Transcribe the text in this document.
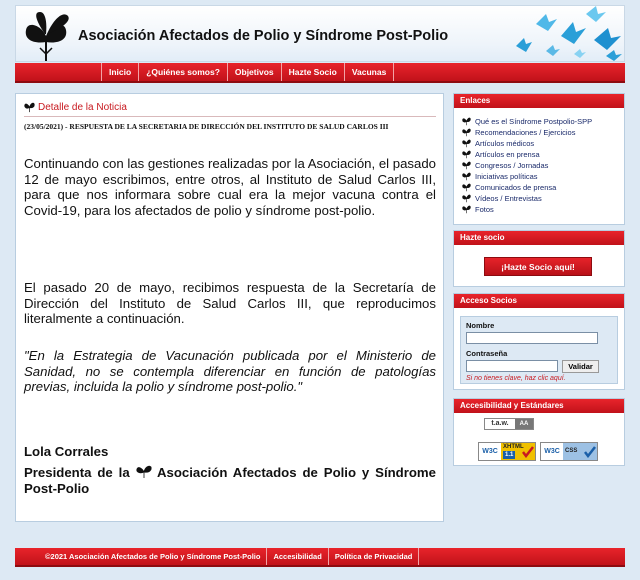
Asociación Afectados de Polio y Síndrome Post-Polio
Inicio	¿Quiénes somos?	Objetivos	Hazte Socio	Vacunas
Detalle de la Noticia
(23/05/2021) - RESPUESTA DE LA SECRETARIA DE DIRECCIÓN DEL INSTITUTO DE SALUD CARLOS III
Continuando con las gestiones realizadas por la Asociación, el pasado 12 de mayo escribimos, entre otros, al Instituto de Salud Carlos III, para que nos informara sobre cual era la mejor vacuna contra el Covid-19, para los afectados de polio y síndrome post-polio.
El pasado 20 de mayo, recibimos respuesta de la Secretaría de Dirección del Instituto de Salud Carlos III, que reproducimos literalmente a continuación.
"En la Estrategia de Vacunación publicada por el Ministerio de Sanidad, no se contempla diferenciar en función de patologías previas, incluida la polio y síndrome post-polio."
Lola Corrales
Presidenta de la Asociación Afectados de Polio y Síndrome Post-Polio
Enlaces
Qué es el Síndrome Postpolio-SPP
Recomendaciones / Ejercicios
Artículos médicos
Artículos en prensa
Congresos / Jornadas
Iniciativas políticas
Comunicados de prensa
Vídeos / Entrevistas
Fotos
Hazte socio
¡Hazte Socio aquí!
Acceso Socios
Nombre
Contraseña
Validar
Si no tienes clave, haz clic aquí.
Accesibilidad y Estándares
t.a.w.	AA
W3C
XHTML
1.1	W3C CSS
©2021 Asociación Afectados de Polio y Síndrome Post-Polio	Accesibilidad	Política de Privacidad
